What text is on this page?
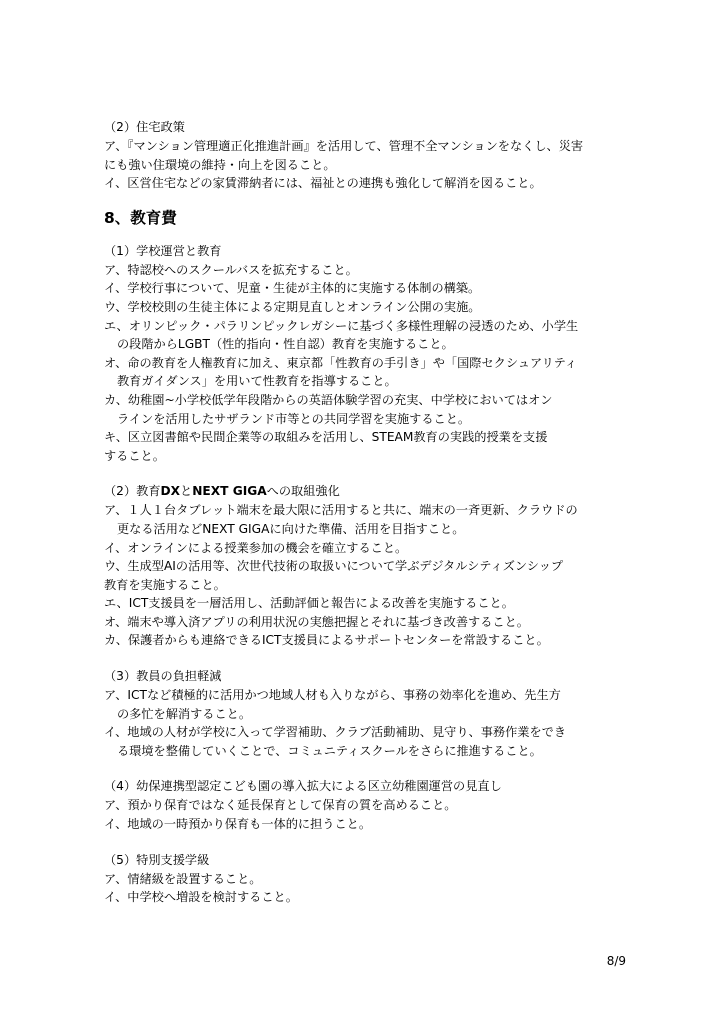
（2）住宅政策
ア、『マンション管理適正化推進計画』を活用して、管理不全マンションをなくし、災害
にも強い住環境の維持・向上を図ること。
イ、区営住宅などの家賃滞納者には、福祉との連携も強化して解消を図ること。
8、教育費
（1）学校運営と教育
ア、特認校へのスクールバスを拡充すること。
イ、学校行事について、児童・生徒が主体的に実施する体制の構築。
ウ、学校校則の生徒主体による定期見直しとオンライン公開の実施。
エ、オリンピック・パラリンピックレガシーに基づく多様性理解の浸透のため、小学生
の段階からLGBT（性的指向・性自認）教育を実施すること。
オ、命の教育を人権教育に加え、東京都「性教育の手引き」や「国際セクシュアリティ
教育ガイダンス」を用いて性教育を指導すること。
カ、幼稚園~小学校低学年段階からの英語体験学習の充実、中学校においてはオン
ラインを活用したサザランド市等との共同学習を実施すること。
キ、区立図書館や民間企業等の取組みを活用し、STEAM教育の実践的授業を支援
すること。
（2）教育DXとNEXT GIGAへの取組強化
ア、１人１台タブレット端末を最大限に活用すると共に、端末の一斉更新、クラウドの
更なる活用などNEXT GIGAに向けた準備、活用を目指すこと。
イ、オンラインによる授業参加の機会を確立すること。
ウ、生成型AIの活用等、次世代技術の取扱いについて学ぶデジタルシティズンシップ
教育を実施すること。
エ、ICT支援員を一層活用し、活動評価と報告による改善を実施すること。
オ、端末や導入済アプリの利用状況の実態把握とそれに基づき改善すること。
カ、保護者からも連絡できるICT支援員によるサポートセンターを常設すること。
（3）教員の負担軽減
ア、ICTなど積極的に活用かつ地域人材も入りながら、事務の効率化を進め、先生方
の多忙を解消すること。
イ、地域の人材が学校に入って学習補助、クラブ活動補助、見守り、事務作業をでき
る環境を整備していくことで、コミュニティスクールをさらに推進すること。
（4）幼保連携型認定こども園の導入拡大による区立幼稚園運営の見直し
ア、預かり保育ではなく延長保育として保育の質を高めること。
イ、地域の一時預かり保育も一体的に担うこと。
（5）特別支援学級
ア、情緒級を設置すること。
イ、中学校へ増設を検討すること。
8/9
